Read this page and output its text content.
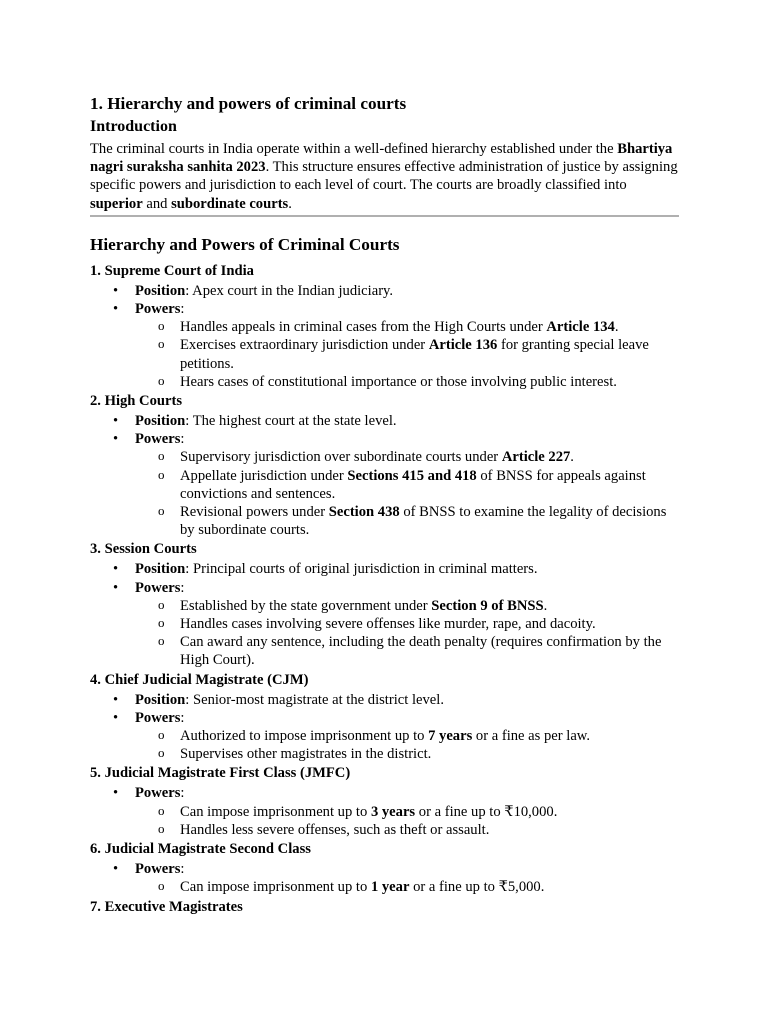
1. Hierarchy and powers of criminal courts
Introduction

The criminal courts in India operate within a well-defined hierarchy established under the Bhartiya nagri suraksha sanhita 2023. This structure ensures effective administration of justice by assigning specific powers and jurisdiction to each level of court. The courts are broadly classified into superior and subordinate courts.

Hierarchy and Powers of Criminal Courts
1. Supreme Court of India
• Position: Apex court in the Indian judiciary.
• Powers:
o Handles appeals in criminal cases from the High Courts under Article 134.
o Exercises extraordinary jurisdiction under Article 136 for granting special leave petitions.
o Hears cases of constitutional importance or those involving public interest.
2. High Courts
• Position: The highest court at the state level.
• Powers:
o Supervisory jurisdiction over subordinate courts under Article 227.
o Appellate jurisdiction under Sections 415 and 418 of BNSS for appeals against convictions and sentences.
o Revisional powers under Section 438 of BNSS to examine the legality of decisions by subordinate courts.
3. Session Courts
• Position: Principal courts of original jurisdiction in criminal matters.
• Powers:
o Established by the state government under Section 9 of BNSS.
o Handles cases involving severe offenses like murder, rape, and dacoity.
o Can award any sentence, including the death penalty (requires confirmation by the High Court).
4. Chief Judicial Magistrate (CJM)
• Position: Senior-most magistrate at the district level.
• Powers:
o Authorized to impose imprisonment up to 7 years or a fine as per law.
o Supervises other magistrates in the district.
5. Judicial Magistrate First Class (JMFC)
• Powers:
o Can impose imprisonment up to 3 years or a fine up to ₹10,000.
o Handles less severe offenses, such as theft or assault.
6. Judicial Magistrate Second Class
• Powers:
o Can impose imprisonment up to 1 year or a fine up to ₹5,000.
7. Executive Magistrates
